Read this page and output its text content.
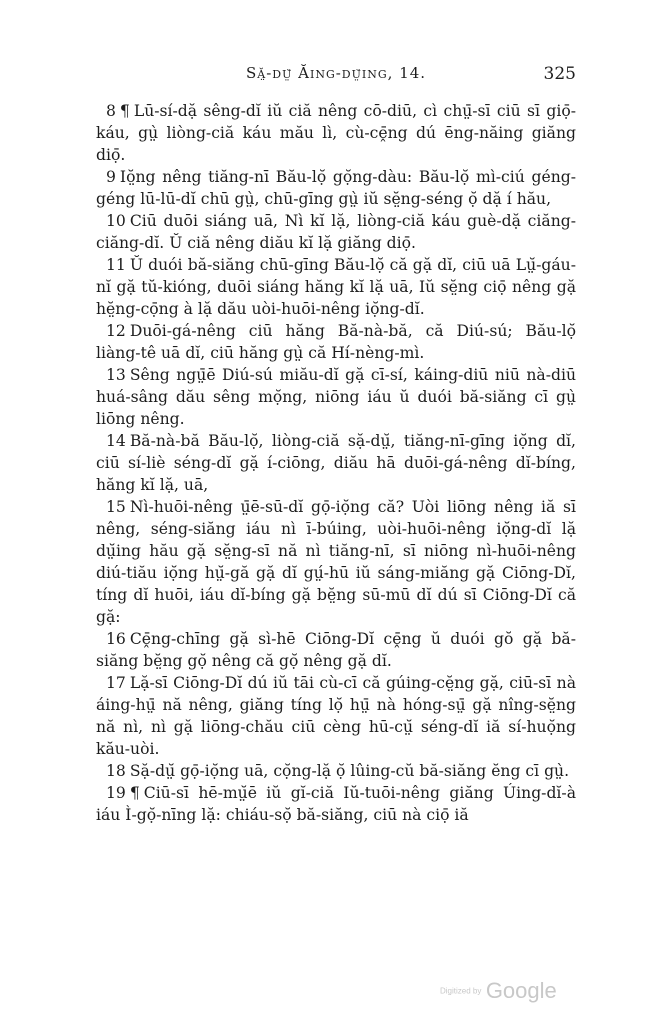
Să̤-dṳ̆ Ăing-dṳ̆ing, 14.	325

8 ¶ Lū-sí-dặ sêng-dĭ iŭ ciă nêng cō-diū, cì chṳ̄-sī ciū sī giọ̄-káu, gṳ̀ liòng-ciă káu mău lì, cù-cḙ̄ng dú ēng-năing giăng diọ̄.

9 Iŏ̤ng nêng tiăng-nī Bău-lọ̆ gọ̆ng-dàu: Bău-lọ̆ mì-ciú géng-géng lū-lū-dĭ chū gṳ̀, chū-gīng gṳ̀ iŭ sĕ̤ng-séng ọ̆ dặ í hău,

10 Ciū duōi siáng uā, Nì kĭ lặ, liòng-ciă káu guè-dặ ciăng-ciăng-dĭ. Ŭ ciă nêng diău kĭ lặ giăng diọ̄.

11 Ŭ duói bă-siăng chū-gīng Bău-lọ̆ că gặ dĭ, ciū uā Lṳ̆-gáu-nĭ gặ tŭ-kióng, duōi siáng hăng kĭ lặ uā, Iŭ sĕ̤ng ciọ̄ nêng gặ hĕ̤ng-cọ̄ng à lặ dău uòi-huōi-nêng iọ̆ng-dĭ.

12 Duōi-gá-nêng ciū hăng Bă-nà-bă, că Diú-sú; Bău-lọ̆ liàng-tê uā dĭ, ciū hăng gṳ̀ că Hí-nèng-mì.

13 Sêng ngṳ̄ē Diú-sú miău-dĭ gặ cī-sí, káing-diū niū nà-diū huá-sâng dău sêng mọ̆ng, niōng iáu ŭ duói bă-siăng cī gṳ̀ liōng nêng.

14 Bă-nà-bă Bău-lọ̆, liòng-ciă sặ-dṳ̆, tiăng-nī-gīng iọ̆ng dĭ, ciū sí-liè séng-dĭ gặ í-ciōng, diău hā duōi-gá-nêng dĭ-bíng, hăng kĭ lặ, uā,

15 Nì-huōi-nêng ṳ̄ē-sū-dĭ gọ̄-iọ̆ng că? Uòi liōng nêng iă sī nêng, séng-siăng iáu nì ī-búing, uòi-huōi-nêng iọ̆ng-dĭ lặ dṳ̆ing hău gặ sĕ̤ng-sī nă nì tiăng-nī, sī niōng nì-huōi-nêng diú-tiău iọ̆ng hṳ̆-gă gặ dĭ gṳ́-hū iŭ sáng-miăng gặ Ciōng-Dĭ, tíng dĭ huōi, iáu dĭ-bíng gặ bĕ̤ng sū-mū dĭ dú sī Ciōng-Dĭ că gặ:

16 Cḙ̄ng-chīng gặ sì-hē Ciōng-Dĭ cḙ̄ng ŭ duói gŏ gặ bă-siăng bĕ̤ng gọ̆ nêng că gọ̆ nêng gặ dĭ.

17 Lặ-sī Ciōng-Dĭ dú iŭ tāi cù-cī că gúing-cĕ̤ng gặ, ciū-sī nà áing-hṳ̄ nă nêng, giăng tíng lọ̆ hṳ̄ nà hóng-sṳ̄ gặ nîng-sĕ̤ng nă nì, nì gặ liōng-chău ciū cèng hū-cṳ̆ séng-dĭ iă sí-huọ̆ng kău-uòi.

18 Sặ-dṳ̆ gọ̄-iọ̆ng uā, cọ̆ng-lặ ọ̆ lûing-cŭ bă-siăng ĕng cī gṳ̀.

19 ¶ Ciū-sī hē-mṳ̆ē iŭ gĭ-ciă Iŭ-tuōi-nêng giăng Úing-dĭ-à iáu Ì-gọ̆-nīng lặ: chiáu-sọ̆ bă-siăng, ciū nà ciọ̄ iă

Digitized by Google
